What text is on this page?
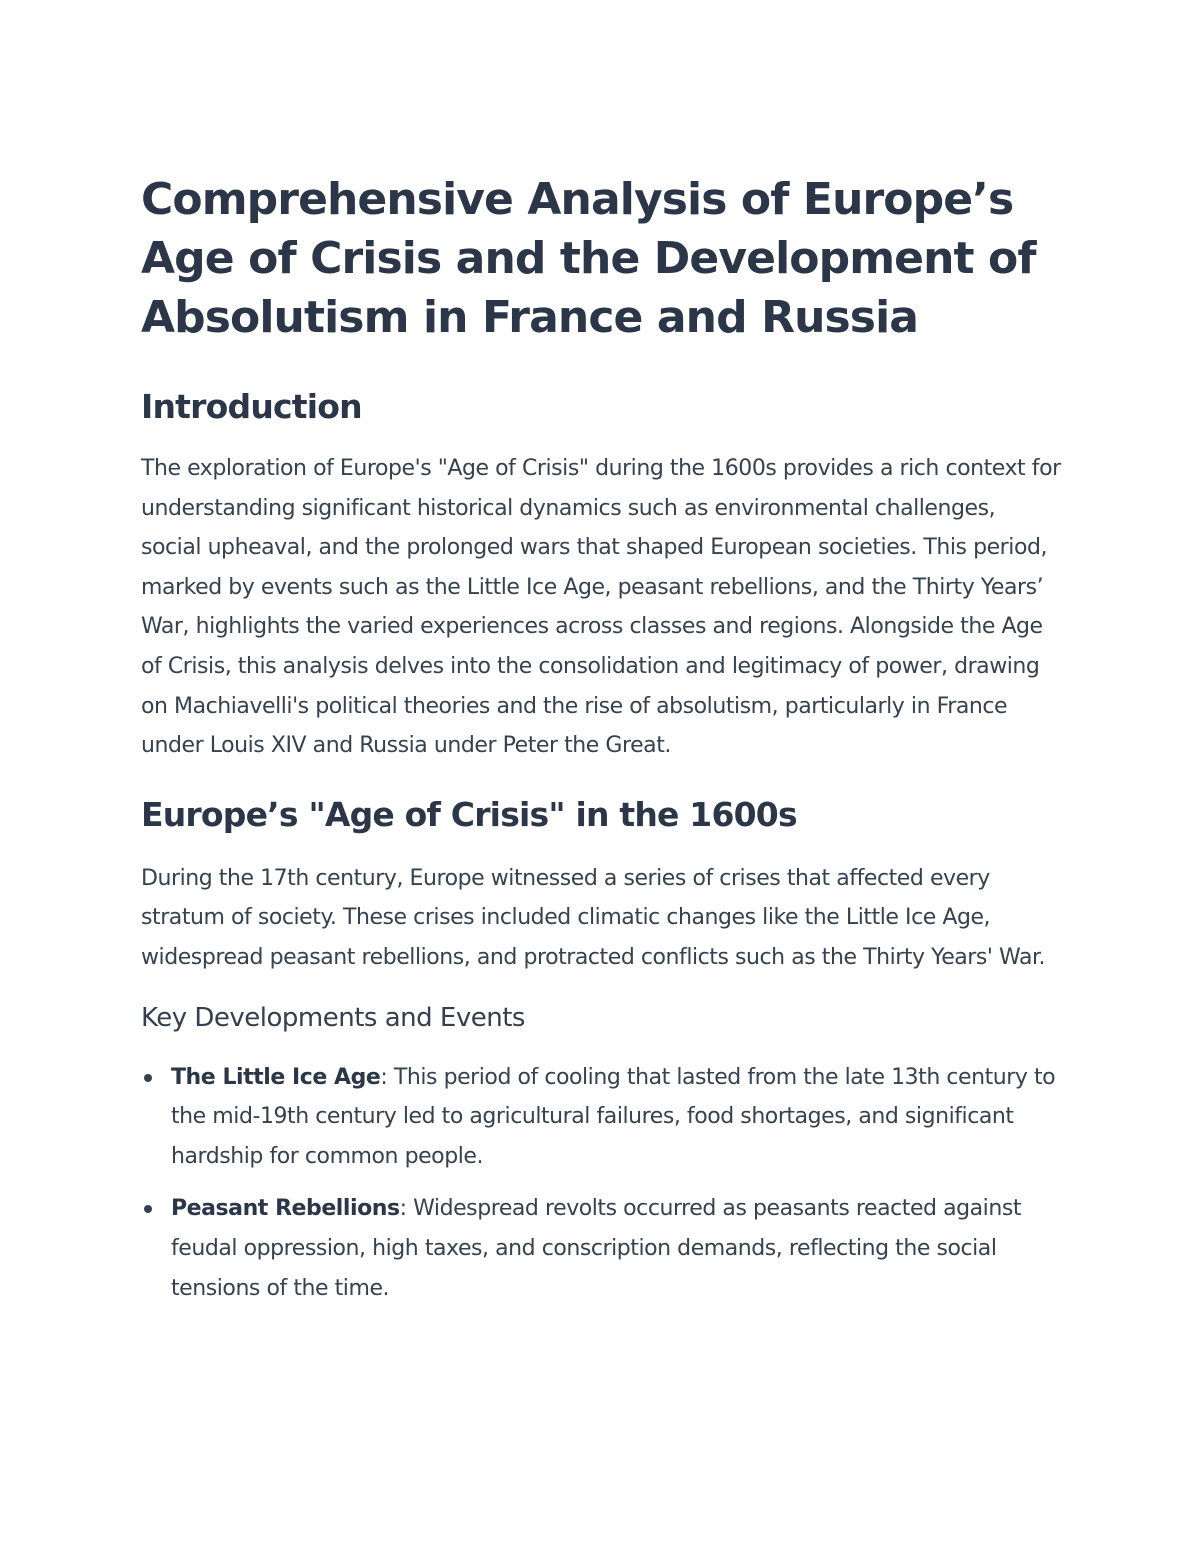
Comprehensive Analysis of Europe’s Age of Crisis and the Development of Absolutism in France and Russia
Introduction

The exploration of Europe's "Age of Crisis" during the 1600s provides a rich context for understanding significant historical dynamics such as environmental challenges, social upheaval, and the prolonged wars that shaped European societies. This period, marked by events such as the Little Ice Age, peasant rebellions, and the Thirty Years’ War, highlights the varied experiences across classes and regions. Alongside the Age of Crisis, this analysis delves into the consolidation and legitimacy of power, drawing on Machiavelli's political theories and the rise of absolutism, particularly in France under Louis XIV and Russia under Peter the Great.

Europe’s "Age of Crisis" in the 1600s

During the 17th century, Europe witnessed a series of crises that affected every stratum of society. These crises included climatic changes like the Little Ice Age, widespread peasant rebellions, and protracted conflicts such as the Thirty Years' War.

Key Developments and Events
The Little Ice Age: This period of cooling that lasted from the late 13th century to the mid-19th century led to agricultural failures, food shortages, and significant hardship for common people.
Peasant Rebellions: Widespread revolts occurred as peasants reacted against feudal oppression, high taxes, and conscription demands, reflecting the social tensions of the time.
